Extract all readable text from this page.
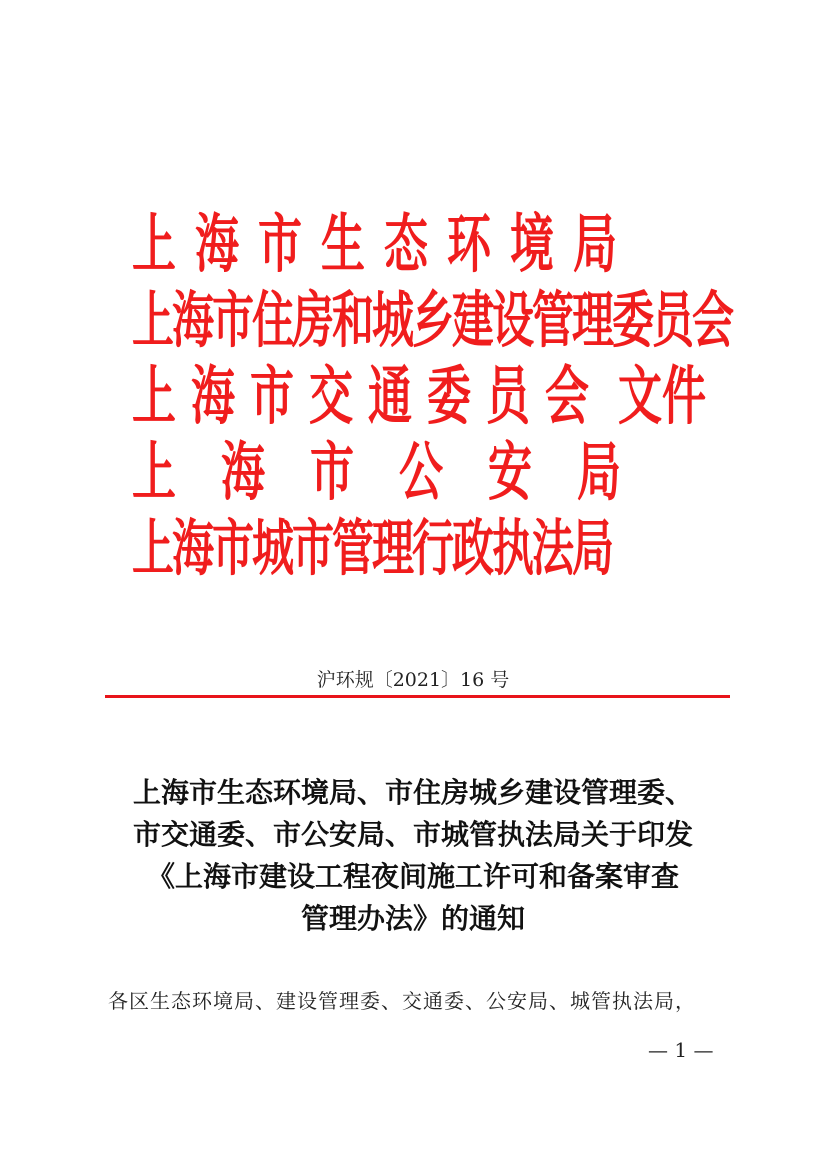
上海市生态环境局
上海市住房和城乡建设管理委员会
上海市交通委员会 文件
上海市公安局
上海市城市管理行政执法局
沪环规〔2021〕16 号
上海市生态环境局、市住房城乡建设管理委、
市交通委、市公安局、市城管执法局关于印发
《上海市建设工程夜间施工许可和备案审查
管理办法》的通知
各区生态环境局、建设管理委、交通委、公安局、城管执法局，
— 1 —
